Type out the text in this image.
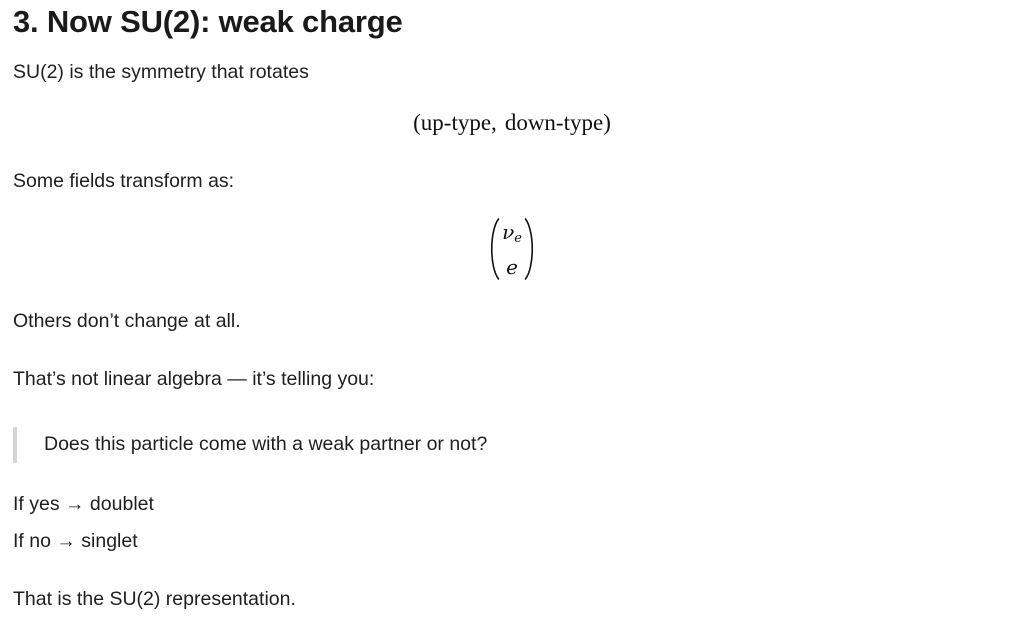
3. Now SU(2): weak charge

SU(2) is the symmetry that rotates

(up-type, down-type)

Some fields transform as:

$\nu_e$
e

Others don’t change at all.

That’s not linear algebra — it’s telling you:

Does this particle come with a weak partner or not?

If yes → doublet

If no → singlet

That is the SU(2) representation.
